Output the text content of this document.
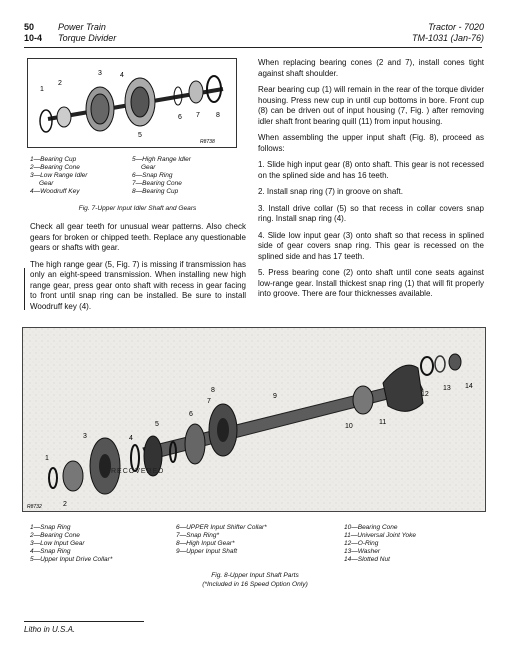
50	Power Train	Tractor - 7020
10-4 Torque Divider	TM-1031 (Jan-76)
1
2
3	4
5
6 7 8
R8738
1—Bearing Cup
2—Bearing Cone
3—Low Range Idler
Gear
4—Woodruff Key
5—High Range Idler
Gear
6—Snap Ring
7—Bearing Cone
8—Bearing Cup
Fig. 7-Upper Input Idler Shaft and Gears

Check all gear teeth for unusual wear patterns. Also check gears for broken or chipped teeth. Replace any questionable gears or shafts with gear.

The high range gear (5, Fig. 7) is missing if transmission has only an eight-speed transmission. When installing new high range gear, press gear onto shaft with recess in gear facing to front until snap ring can be installed. Be sure to install Woodruff key (4).

When replacing bearing cones (2 and 7), install cones tight against shaft shoulder.

Rear bearing cup (1) will remain in the rear of the torque divider housing. Press new cup in until cup bottoms in bore. Front cup (8) can be driven out of input housing (7, Fig. ) after removing idler shaft front bearing quill (11) from input housing.

When assembling the upper input shaft (Fig. 8), proceed as follows:

1. Slide high input gear (8) onto shaft. This gear is not recessed on the splined side and has 16 teeth.

2. Install snap ring (7) in groove on shaft.

3. Install drive collar (5) so that recess in collar covers snap ring. Install snap ring (4).

4. Slide low input gear (3) onto shaft so that recess in splined side of gear covers snap ring. This gear is recessed on the splined side and has 17 teeth.

5. Press bearing cone (2) onto shaft until cone seats against low-range gear. Install thickest snap ring (1) that will fit properly into groove. There are four thicknesses available.

1
2
3	4
5
6
7
8
9
10
11
12
13 14
RECOVERED
R8732
1—Snap Ring
2—Bearing Cone
3—Low Input Gear
4—Snap Ring
5—Upper Input Drive Collar*
6—UPPER Input Shifter Collar*
7—Snap Ring*
8—High Input Gear*
9—Upper Input Shaft
10—Bearing Cone
11—Universal Joint Yoke
12—O-Ring
13—Washer
14—Slotted Nut
Fig. 8-Upper Input Shaft Parts
(*Included in 16 Speed Option Only)
Litho in U.S.A.
